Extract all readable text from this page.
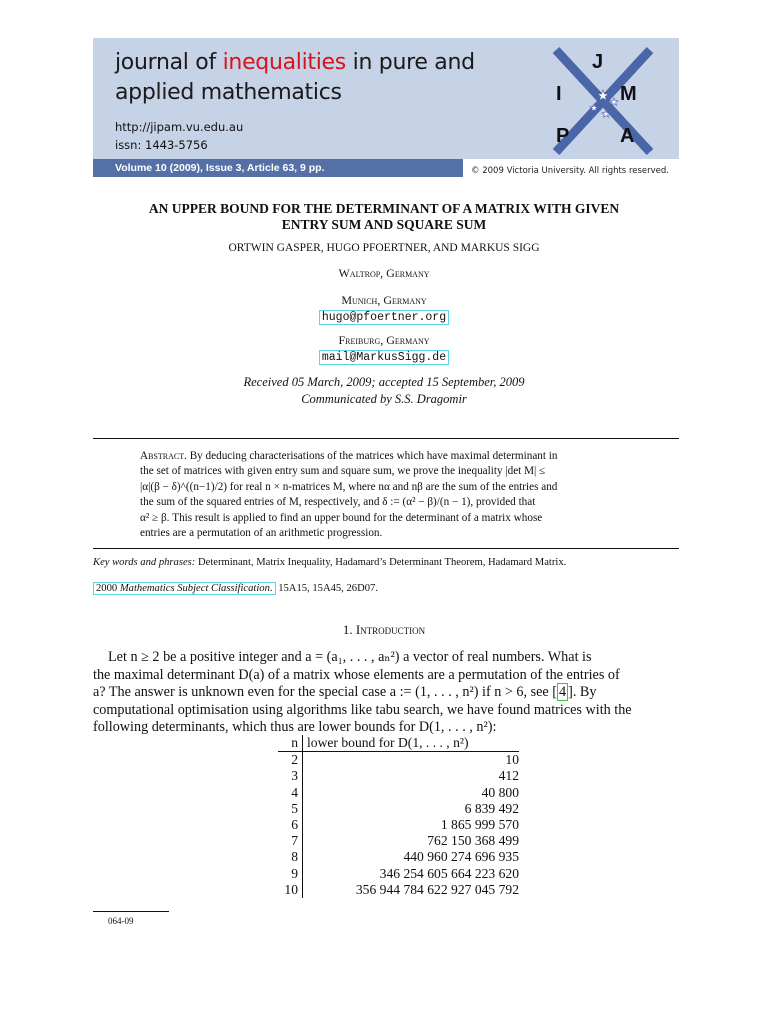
journal of inequalities in pure and
applied mathematics
http://jipam.vu.edu.au
issn: 1443-5756
Volume 10 (2009), Issue 3, Article 63, 9 pp.	© 2009 Victoria University. All rights reserved.
J
I	M
P	A
AN UPPER BOUND FOR THE DETERMINANT OF A MATRIX WITH GIVEN
ENTRY SUM AND SQUARE SUM
ORTWIN GASPER, HUGO PFOERTNER, AND MARKUS SIGG
Waltrop, Germany
Munich, Germany
hugo@pfoertner.org
Freiburg, Germany
mail@MarkusSigg.de
Received 05 March, 2009; accepted 15 September, 2009
Communicated by S.S. Dragomir
Abstract. By deducing characterisations of the matrices which have maximal determinant in
the set of matrices with given entry sum and square sum, we prove the inequality |det M| ≤
|α|(β − δ)^((n−1)/2) for real n × n-matrices M, where nα and nβ are the sum of the entries and
the sum of the squared entries of M, respectively, and δ := (α² − β)/(n − 1), provided that
α² ≥ β. This result is applied to find an upper bound for the determinant of a matrix whose
entries are a permutation of an arithmetic progression.
Key words and phrases: Determinant, Matrix Inequality, Hadamard’s Determinant Theorem, Hadamard Matrix.
2000 Mathematics Subject Classification. 15A15, 15A45, 26D07.
1. Introduction
Let n ≥ 2 be a positive integer and a = (a₁, . . . , aₙ²) a vector of real numbers. What is
the maximal determinant D(a) of a matrix whose elements are a permutation of the entries of
a? The answer is unknown even for the special case a := (1, . . . , n²) if n > 6, see [ 4 ]. By
computational optimisation using algorithms like tabu search, we have found matrices with the
following determinants, which thus are lower bounds for D(1, . . . , n²):
n	lower bound for D(1, . . . , n²)
2	10
3	412
4	40 800
5	6 839 492
6	1 865 999 570
7	762 150 368 499
8	440 960 274 696 935
9	346 254 605 664 223 620
10	356 944 784 622 927 045 792
064-09
